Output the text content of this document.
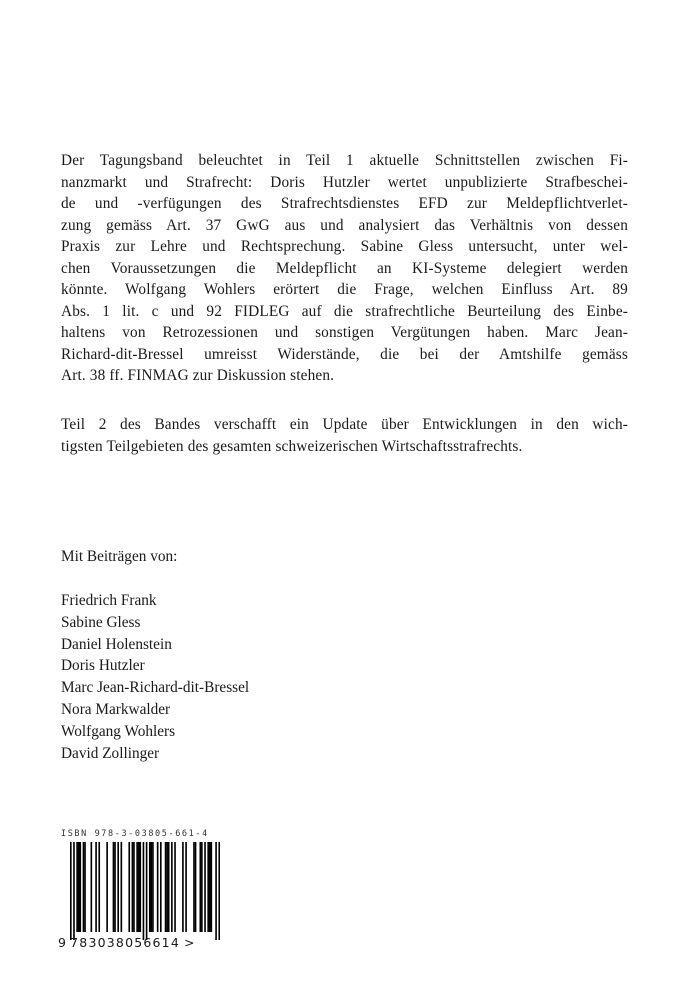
Der Tagungsband beleuchtet in Teil 1 aktuelle Schnittstellen zwischen Fi-
nanzmarkt und Strafrecht: Doris Hutzler wertet unpublizierte Strafbeschei-
de und -verfügungen des Strafrechtsdienstes EFD zur Meldepflichtverlet-
zung gemäss Art. 37 GwG aus und analysiert das Verhältnis von dessen
Praxis zur Lehre und Rechtsprechung. Sabine Gless untersucht, unter wel-
chen Voraussetzungen die Meldepflicht an KI-Systeme delegiert werden
könnte. Wolfgang Wohlers erörtert die Frage, welchen Einfluss Art. 89
Abs. 1 lit. c und 92 FIDLEG auf die strafrechtliche Beurteilung des Einbe-
haltens von Retrozessionen und sonstigen Vergütungen haben. Marc Jean-
Richard-dit-Bressel umreisst Widerstände, die bei der Amtshilfe gemäss
Art. 38 ff. FINMAG zur Diskussion stehen.

Teil 2 des Bandes verschafft ein Update über Entwicklungen in den wich-
tigsten Teilgebieten des gesamten schweizerischen Wirtschaftsstrafrechts.

Mit Beiträgen von:
Friedrich Frank
Sabine Gless
Daniel Holenstein
Doris Hutzler
Marc Jean-Richard-dit-Bressel
Nora Markwalder
Wolfgang Wohlers
David Zollinger
ISBN 978-3-03805-661-4
9 783038056614 >
